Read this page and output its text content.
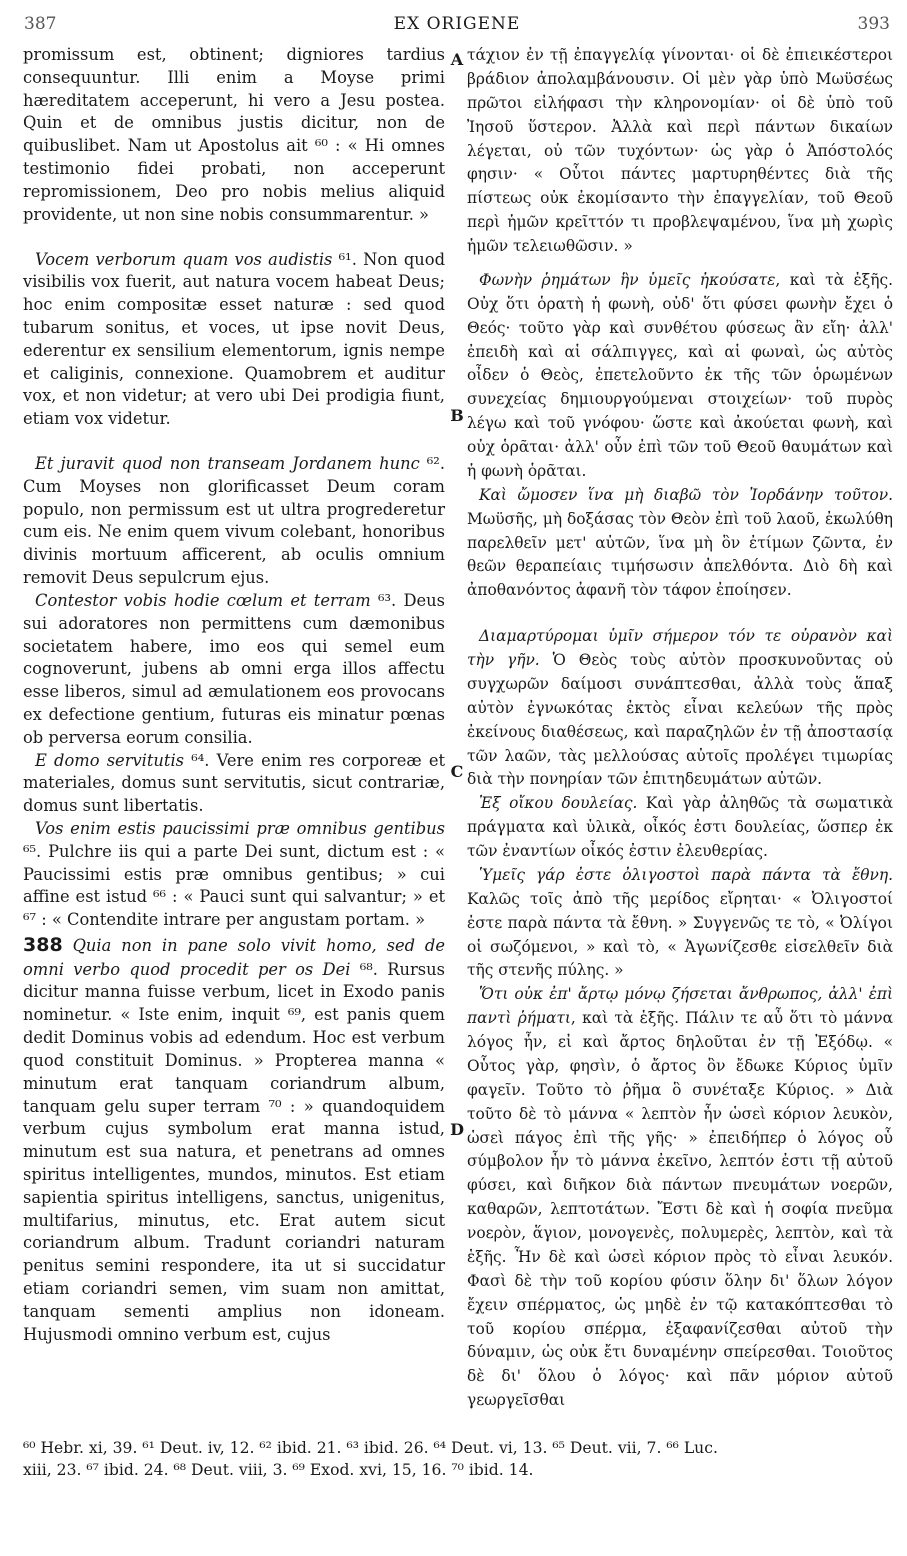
387	EX ORIGENE	393
A
B
C
D

promissum est, obtinent; digniores tardius consequuntur. Illi enim a Moyse primi hæreditatem acceperunt, hi vero a Jesu postea. Quin et de omnibus justis dicitur, non de quibuslibet. Nam ut Apostolus ait ⁶⁰ : « Hi omnes testimonio fidei probati, non acceperunt repromissionem, Deo pro nobis melius aliquid providente, ut non sine nobis consummarentur. »

Vocem verborum quam vos audistis ⁶¹. Non quod visibilis vox fuerit, aut natura vocem habeat Deus; hoc enim compositæ esset naturæ : sed quod tubarum sonitus, et voces, ut ipse novit Deus, ederentur ex sensilium elementorum, ignis nempe et caliginis, connexione. Quamobrem et auditur vox, et non videtur; at vero ubi Dei prodigia fiunt, etiam vox videtur.

Et juravit quod non transeam Jordanem hunc ⁶². Cum Moyses non glorificasset Deum coram populo, non permissum est ut ultra progrederetur cum eis. Ne enim quem vivum colebant, honoribus divinis mortuum afficerent, ab oculis omnium removit Deus sepulcrum ejus.

Contestor vobis hodie cœlum et terram ⁶³. Deus sui adoratores non permittens cum dæmonibus societatem habere, imo eos qui semel eum cognoverunt, jubens ab omni erga illos affectu esse liberos, simul ad æmulationem eos provocans ex defectione gentium, futuras eis minatur pœnas ob perversa eorum consilia.

E domo servitutis ⁶⁴. Vere enim res corporeæ et materiales, domus sunt servitutis, sicut contrariæ, domus sunt libertatis.

Vos enim estis paucissimi præ omnibus gentibus ⁶⁵. Pulchre iis qui a parte Dei sunt, dictum est : « Paucissimi estis præ omnibus gentibus; » cui affine est istud ⁶⁶ : « Pauci sunt qui salvantur; » et ⁶⁷ : « Contendite intrare per angustam portam. »

388 Quia non in pane solo vivit homo, sed de omni verbo quod procedit per os Dei ⁶⁸. Rursus dicitur manna fuisse verbum, licet in Exodo panis nominetur. « Iste enim, inquit ⁶⁹, est panis quem dedit Dominus vobis ad edendum. Hoc est verbum quod constituit Dominus. » Propterea manna « minutum erat tanquam coriandrum album, tanquam gelu super terram ⁷⁰ : » quandoquidem verbum cujus symbolum erat manna istud, minutum est sua natura, et penetrans ad omnes spiritus intelligentes, mundos, minutos. Est etiam sapientia spiritus intelligens, sanctus, unigenitus, multifarius, minutus, etc. Erat autem sicut coriandrum album. Tradunt coriandri naturam penitus semini respondere, ita ut si succidatur etiam coriandri semen, vim suam non amittat, tanquam sementi amplius non idoneam. Hujusmodi omnino verbum est, cujus

τάχιον ἐν τῇ ἐπαγγελίᾳ γίνονται· οἱ δὲ ἐπιεικέστεροι βράδιον ἀπολαμβάνουσιν. Οἱ μὲν γὰρ ὑπὸ Μωϋσέως πρῶτοι εἰλήφασι τὴν κληρονομίαν· οἱ δὲ ὑπὸ τοῦ Ἰησοῦ ὕστερον. Ἀλλὰ καὶ περὶ πάντων δικαίων λέγεται, οὐ τῶν τυχόντων· ὡς γὰρ ὁ Ἀπόστολός φησιν· « Οὗτοι πάντες μαρτυρηθέντες διὰ τῆς πίστεως οὐκ ἐκομίσαντο τὴν ἐπαγγελίαν, τοῦ Θεοῦ περὶ ἡμῶν κρεῖττόν τι προβλεψαμένου, ἵνα μὴ χωρὶς ἡμῶν τελειωθῶσιν. »

Φωνὴν ῥημάτων ἣν ὑμεῖς ἠκούσατε, καὶ τὰ ἑξῆς. Οὐχ ὅτι ὁρατὴ ἡ φωνὴ, οὐδ' ὅτι φύσει φωνὴν ἔχει ὁ Θεός· τοῦτο γὰρ καὶ συνθέτου φύσεως ἂν εἴη· ἀλλ' ἐπειδὴ καὶ αἱ σάλπιγγες, καὶ αἱ φωναὶ, ὡς αὐτὸς οἶδεν ὁ Θεὸς, ἐπετελοῦντο ἐκ τῆς τῶν ὁρωμένων συνεχείας δημιουργούμεναι στοιχείων· τοῦ πυρὸς λέγω καὶ τοῦ γνόφου· ὥστε καὶ ἀκούεται φωνὴ, καὶ οὐχ ὁρᾶται· ἀλλ' οὖν ἐπὶ τῶν τοῦ Θεοῦ θαυμάτων καὶ ἡ φωνὴ ὁρᾶται.

Καὶ ὤμοσεν ἵνα μὴ διαβῶ τὸν Ἰορδάνην τοῦτον. Μωϋσῆς, μὴ δοξάσας τὸν Θεὸν ἐπὶ τοῦ λαοῦ, ἐκωλύθη παρελθεῖν μετ' αὐτῶν, ἵνα μὴ ὃν ἐτίμων ζῶντα, ἐν θεῶν θεραπείαις τιμήσωσιν ἀπελθόντα. Διὸ δὴ καὶ ἀποθανόντος ἀφανῆ τὸν τάφον ἐποίησεν.

Διαμαρτύρομαι ὑμῖν σήμερον τόν τε οὐρανὸν καὶ τὴν γῆν. Ὁ Θεὸς τοὺς αὐτὸν προσκυνοῦντας οὐ συγχωρῶν δαίμοσι συνάπτεσθαι, ἀλλὰ τοὺς ἅπαξ αὐτὸν ἐγνωκότας ἐκτὸς εἶναι κελεύων τῆς πρὸς ἐκείνους διαθέσεως, καὶ παραζηλῶν ἐν τῇ ἀποστασίᾳ τῶν λαῶν, τὰς μελλούσας αὐτοῖς προλέγει τιμωρίας διὰ τὴν πονηρίαν τῶν ἐπιτηδευμάτων αὐτῶν.

Ἐξ οἴκου δουλείας. Καὶ γὰρ ἀληθῶς τὰ σωματικὰ πράγματα καὶ ὑλικὰ, οἶκός ἐστι δουλείας, ὥσπερ ἐκ τῶν ἐναντίων οἶκός ἐστιν ἐλευθερίας.

Ὑμεῖς γάρ ἐστε ὀλιγοστοὶ παρὰ πάντα τὰ ἔθνη. Καλῶς τοῖς ἀπὸ τῆς μερίδος εἴρηται· « Ὀλιγοστοί ἐστε παρὰ πάντα τὰ ἔθνη. » Συγγενῶς τε τὸ, « Ὀλίγοι οἱ σωζόμενοι, » καὶ τὸ, « Ἀγωνίζεσθε εἰσελθεῖν διὰ τῆς στενῆς πύλης. »

Ὅτι οὐκ ἐπ' ἄρτῳ μόνῳ ζήσεται ἄνθρωπος, ἀλλ' ἐπὶ παντὶ ῥήματι, καὶ τὰ ἑξῆς. Πάλιν τε αὖ ὅτι τὸ μάννα λόγος ἦν, εἰ καὶ ἄρτος δηλοῦται ἐν τῇ Ἐξόδῳ. « Οὗτος γὰρ, φησὶν, ὁ ἄρτος ὃν ἔδωκε Κύριος ὑμῖν φαγεῖν. Τοῦτο τὸ ῥῆμα ὃ συνέταξε Κύριος. » Διὰ τοῦτο δὲ τὸ μάννα « λεπτὸν ἦν ὡσεὶ κόριον λευκὸν, ὡσεὶ πάγος ἐπὶ τῆς γῆς· » ἐπειδήπερ ὁ λόγος οὗ σύμβολον ἦν τὸ μάννα ἐκεῖνο, λεπτόν ἐστι τῇ αὐτοῦ φύσει, καὶ διῆκον διὰ πάντων πνευμάτων νοερῶν, καθαρῶν, λεπτοτάτων. Ἔστι δὲ καὶ ἡ σοφία πνεῦμα νοερὸν, ἅγιον, μονογενὲς, πολυμερὲς, λεπτὸν, καὶ τὰ ἑξῆς. Ἦν δὲ καὶ ὡσεὶ κόριον πρὸς τὸ εἶναι λευκόν. Φασὶ δὲ τὴν τοῦ κορίου φύσιν ὅλην δι' ὅλων λόγον ἔχειν σπέρματος, ὡς μηδὲ ἐν τῷ κατακόπτεσθαι τὸ τοῦ κορίου σπέρμα, ἐξαφανίζεσθαι αὐτοῦ τὴν δύναμιν, ὡς οὐκ ἔτι δυναμένην σπείρεσθαι. Τοιοῦτος δὲ δι' ὅλου ὁ λόγος· καὶ πᾶν μόριον αὐτοῦ γεωργεῖσθαι

⁶⁰ Hebr. xi, 39. ⁶¹ Deut. iv, 12. ⁶² ibid. 21. ⁶³ ibid. 26. ⁶⁴ Deut. vi, 13. ⁶⁵ Deut. vii, 7. ⁶⁶ Luc.
xiii, 23. ⁶⁷ ibid. 24. ⁶⁸ Deut. viii, 3. ⁶⁹ Exod. xvi, 15, 16. ⁷⁰ ibid. 14.
